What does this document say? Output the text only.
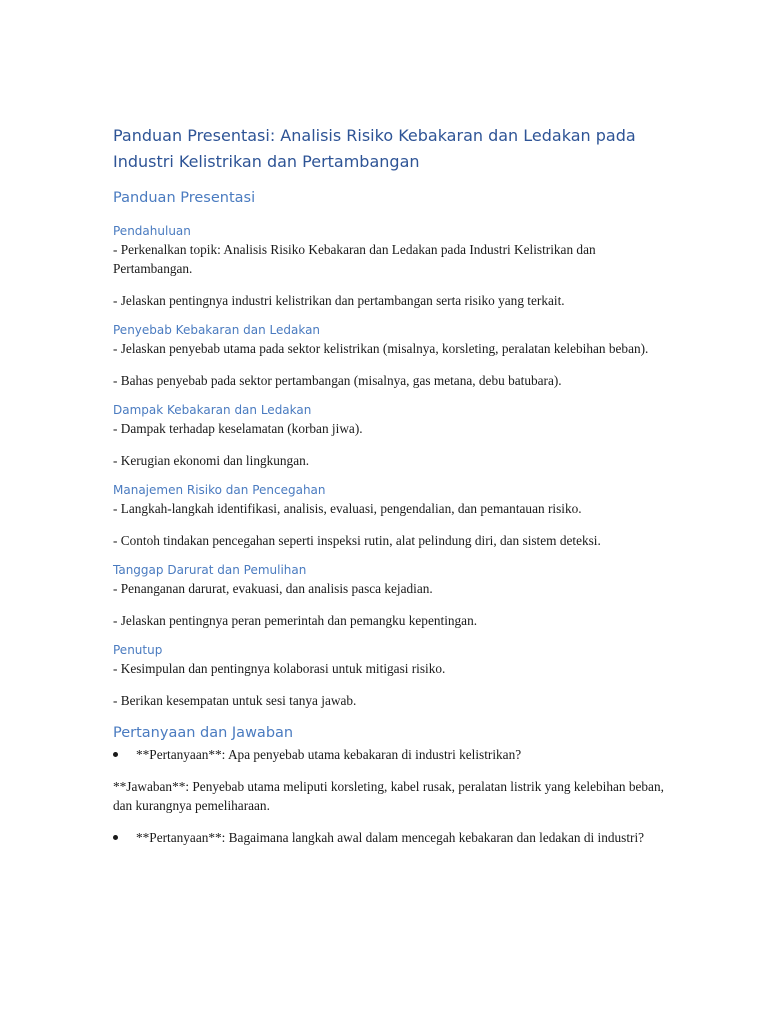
Panduan Presentasi: Analisis Risiko Kebakaran dan Ledakan pada Industri Kelistrikan dan Pertambangan
Panduan Presentasi
Pendahuluan
- Perkenalkan topik: Analisis Risiko Kebakaran dan Ledakan pada Industri Kelistrikan dan Pertambangan.
- Jelaskan pentingnya industri kelistrikan dan pertambangan serta risiko yang terkait.
Penyebab Kebakaran dan Ledakan
- Jelaskan penyebab utama pada sektor kelistrikan (misalnya, korsleting, peralatan kelebihan beban).
- Bahas penyebab pada sektor pertambangan (misalnya, gas metana, debu batubara).
Dampak Kebakaran dan Ledakan
- Dampak terhadap keselamatan (korban jiwa).
- Kerugian ekonomi dan lingkungan.
Manajemen Risiko dan Pencegahan
- Langkah-langkah identifikasi, analisis, evaluasi, pengendalian, dan pemantauan risiko.
- Contoh tindakan pencegahan seperti inspeksi rutin, alat pelindung diri, dan sistem deteksi.
Tanggap Darurat dan Pemulihan
- Penanganan darurat, evakuasi, dan analisis pasca kejadian.
- Jelaskan pentingnya peran pemerintah dan pemangku kepentingan.
Penutup
- Kesimpulan dan pentingnya kolaborasi untuk mitigasi risiko.
- Berikan kesempatan untuk sesi tanya jawab.
Pertanyaan dan Jawaban
**Pertanyaan**: Apa penyebab utama kebakaran di industri kelistrikan?
**Jawaban**: Penyebab utama meliputi korsleting, kabel rusak, peralatan listrik yang kelebihan beban, dan kurangnya pemeliharaan.
**Pertanyaan**: Bagaimana langkah awal dalam mencegah kebakaran dan ledakan di industri?
